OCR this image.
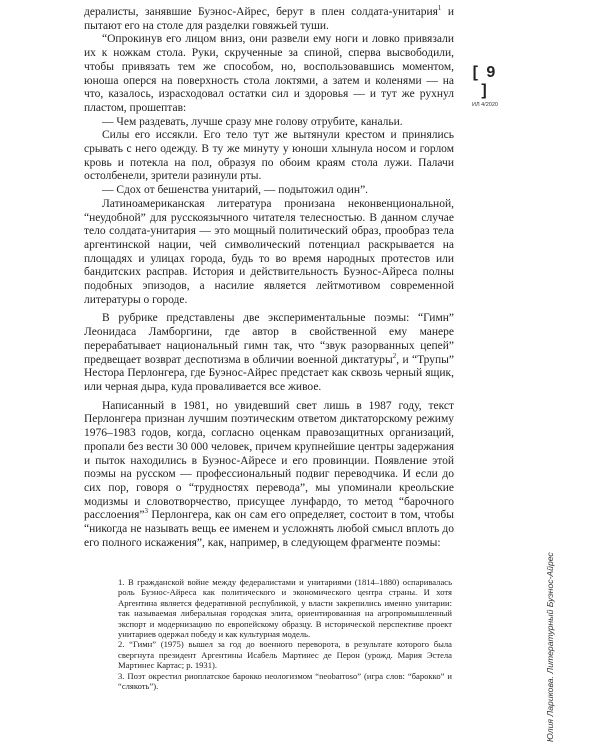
дералисты, занявшие Буэнос-Айрес, берут в плен солдата-унитария$^1$ и пытают его на столе для разделки говяжьей туши.

“Опрокинув его лицом вниз, они развели ему ноги и ловко привязали их к ножкам стола. Руки, скрученные за спиной, сперва высвободили, чтобы привязать тем же способом, но, воспользовавшись моментом, юноша оперся на поверхность стола локтями, а затем и коленями — на что, казалось, израсходовал остатки сил и здоровья — и тут же рухнул пластом, прошептав:

— Чем раздевать, лучше сразу мне голову отрубите, канальи.

Силы его иссякли. Его тело тут же вытянули крестом и принялись срывать с него одежду. В ту же минуту у юноши хлынула носом и горлом кровь и потекла на пол, образуя по обоим краям стола лужи. Палачи остолбенели, зрители разинули рты.

— Сдох от бешенства унитарий, — подытожил один”.

Латиноамериканская литература пронизана неконвенциональной, “неудобной” для русскоязычного читателя телесностью. В данном случае тело солдата-унитария — это мощный политический образ, прообраз тела аргентинской нации, чей символический потенциал раскрывается на площадях и улицах города, будь то во время народных протестов или бандитских расправ. История и действительность Буэнос-Айреса полны подобных эпизодов, а насилие является лейтмотивом современной литературы о городе.

В рубрике представлены две экспериментальные поэмы: “Гимн” Леонидаса Ламборгини, где автор в свойственной ему манере перерабатывает национальный гимн так, что “звук разорванных цепей” предвещает возврат деспотизма в обличии военной диктатуры$^2$, и “Трупы” Нестора Перлонгера, где Буэнос-Айрес предстает как сквозь черный ящик, или черная дыра, куда проваливается все живое.

Написанный в 1981, но увидевший свет лишь в 1987 году, текст Перлонгера признан лучшим поэтическим ответом диктаторскому режиму 1976–1983 годов, когда, согласно оценкам правозащитных организаций, пропали без вести 30 000 человек, причем крупнейшие центры задержания и пыток находились в Буэнос-Айресе и его провинции. Появление этой поэмы на русском — профессиональный подвиг переводчика. И если до сих пор, говоря о “трудностях перевода”, мы упоминали креольские модизмы и словотворчество, присущее лунфардо, то метод “барочного расслоения”$^3$ Перлонгера, как он сам его определяет, состоит в том, чтобы “никогда не называть вещь ее именем и усложнять любой смысл вплоть до его полного искажения”, как, например, в следующем фрагменте поэмы:

1. В гражданской войне между федералистами и унитариями (1814–1880) оспаривалась роль Буэнос-Айреса как политического и экономического центра страны. И хотя Аргентина является федеративной республикой, у власти закрепились именно унитарии: так называемая либеральная городская элита, ориентированная на агропромышленный экспорт и модернизацию по европейскому образцу. В исторической перспективе проект унитариев одержал победу и как культурная модель.

2. “Гимн” (1975) вышел за год до военного переворота, в результате которого была свергнута президент Аргентины Исабель Мартинес де Перон (урожд. Мария Эстела Мартинес Картас; р. 1931).

3. Поэт окрестил риоплатское барокко неологизмом “neobarroso” (игра слов: “барокко” и “слякоть”).

[ 9 ]
ИЛ 4/2020
Юлия Ларикова. Литературный Буэнос-Айрес
